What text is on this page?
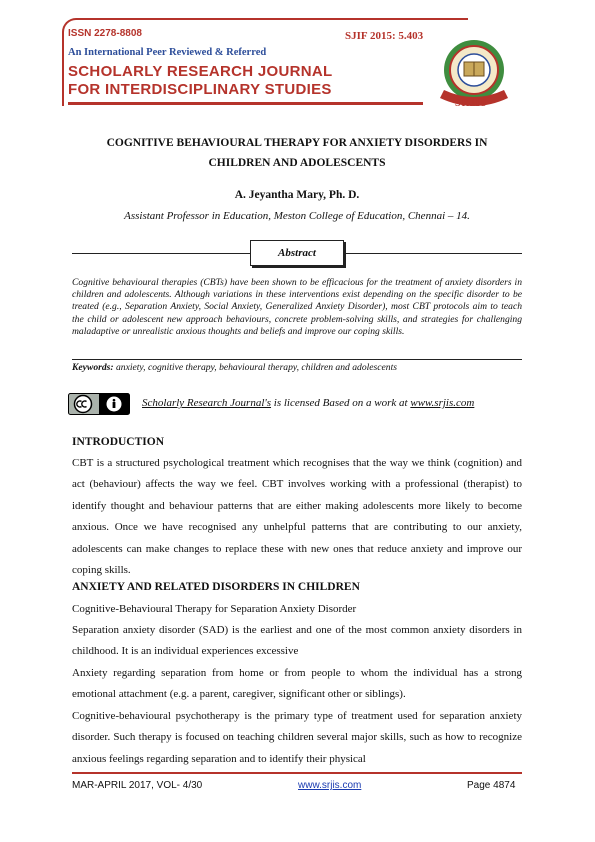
ISSN 2278-8808	SJIF 2015: 5.403
An International Peer Reviewed & Referred
SCHOLARLY RESEARCH JOURNAL
FOR INTERDISCIPLINARY STUDIES
SRJIS
COGNITIVE BEHAVIOURAL THERAPY FOR ANXIETY DISORDERS IN
CHILDREN AND ADOLESCENTS
A. Jeyantha Mary, Ph. D.
Assistant Professor in Education, Meston College of Education, Chennai – 14.
Abstract
Cognitive behavioural therapies (CBTs) have been shown to be efficacious for the treatment of anxiety disorders in children and adolescents. Although variations in these interventions exist depending on the specific disorder to be treated (e.g., Separation Anxiety, Social Anxiety, Generalized Anxiety Disorder), most CBT protocols aim to teach the child or adolescent new approach behaviours, concrete problem-solving skills, and strategies for challenging maladaptive or unrealistic anxious thoughts and beliefs and improve our coping skills.
Keywords: anxiety, cognitive therapy, behavioural therapy, children and adolescents
Scholarly Research Journal's is licensed Based on a work at www.srjis.com
INTRODUCTION
CBT is a structured psychological treatment which recognises that the way we think (cognition) and act (behaviour) affects the way we feel. CBT involves working with a professional (therapist) to identify thought and behaviour patterns that are either making adolescents more likely to become anxious. Once we have recognised any unhelpful patterns that are contributing to our anxiety, adolescents can make changes to replace these with new ones that reduce anxiety and improve our coping skills.
ANXIETY AND RELATED DISORDERS IN CHILDREN
Cognitive-Behavioural Therapy for Separation Anxiety Disorder
Separation anxiety disorder (SAD) is the earliest and one of the most common anxiety disorders in childhood. It is an individual experiences excessive
Anxiety regarding separation from home or from people to whom the individual has a strong emotional attachment (e.g. a parent, caregiver, significant other or siblings).
Cognitive-behavioural psychotherapy is the primary type of treatment used for separation anxiety disorder. Such therapy is focused on teaching children several major skills, such as how to recognize anxious feelings regarding separation and to identify their physical
MAR-APRIL 2017, VOL- 4/30	www.srjis.com	Page 4874
